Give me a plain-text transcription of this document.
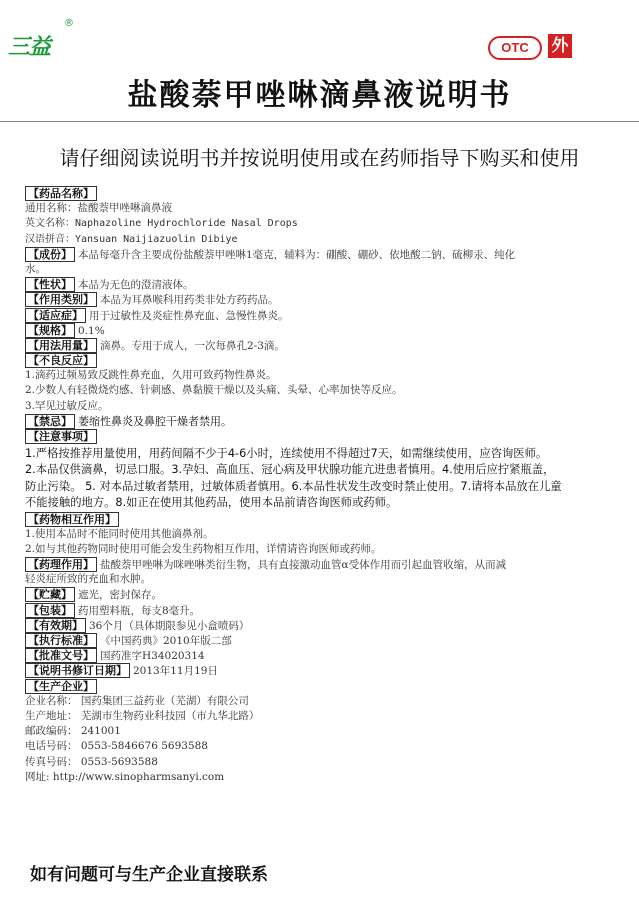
三益
®
OTC	外
盐酸萘甲唑啉滴鼻液说明书
请仔细阅读说明书并按说明使用或在药师指导下购买和使用
【药品名称】
通用名称：盐酸萘甲唑啉滴鼻液
英文名称：Naphazoline Hydrochloride Nasal Drops
汉语拼音：Yansuan Naijiazuolin Dibiye
【成份】 本品每毫升含主要成份盐酸萘甲唑啉1毫克，辅料为：硼酸、硼砂、依地酸二钠、硫柳汞、纯化
水。
【性状】 本品为无色的澄清液体。
【作用类别】 本品为耳鼻喉科用药类非处方药药品。
【适应症】 用于过敏性及炎症性鼻充血、急慢性鼻炎。
【规格】 0.1%
【用法用量】 滴鼻。专用于成人，一次每鼻孔2-3滴。
【不良反应】
1.滴药过频易致反跳性鼻充血，久用可致药物性鼻炎。
2.少数人有轻微烧灼感、针刺感、鼻黏膜干燥以及头痛、头晕、心率加快等反应。
3.罕见过敏反应。
【禁忌】 萎缩性鼻炎及鼻腔干燥者禁用。
【注意事项】
1.严格按推荐用量使用，用药间隔不少于4-6小时，连续使用不得超过7天，如需继续使用，应咨询医师。
2.本品仅供滴鼻，切忌口服。3.孕妇、高血压、冠心病及甲状腺功能亢进患者慎用。4.使用后应拧紧瓶盖，
防止污染。 5. 对本品过敏者禁用，过敏体质者慎用。6.本品性状发生改变时禁止使用。7.请将本品放在儿童
不能接触的地方。8.如正在使用其他药品，使用本品前请咨询医师或药师。
【药物相互作用】
1.使用本品时不能同时使用其他滴鼻剂。
2.如与其他药物同时使用可能会发生药物相互作用，详情请咨询医师或药师。
【药理作用】 盐酸萘甲唑啉为咪唑啉类衍生物，具有直接激动血管α受体作用而引起血管收缩，从而减
轻炎症所致的充血和水肿。
【贮藏】 遮光，密封保存。
【包装】 药用塑料瓶，每支8毫升。
【有效期】 36个月（具体期限参见小盒喷码）
【执行标准】 《中国药典》2010年版二部
【批准文号】 国药准字H34020314
【说明书修订日期】 2013年11月19日
【生产企业】
企业名称： 国药集团三益药业（芜湖）有限公司
生产地址： 芜湖市生物药业科技园（市九华北路）
邮政编码： 241001
电话号码： 0553-5846676 5693588
传真号码： 0553-5693588
网址: http://www.sinopharmsanyi.com
如有问题可与生产企业直接联系
